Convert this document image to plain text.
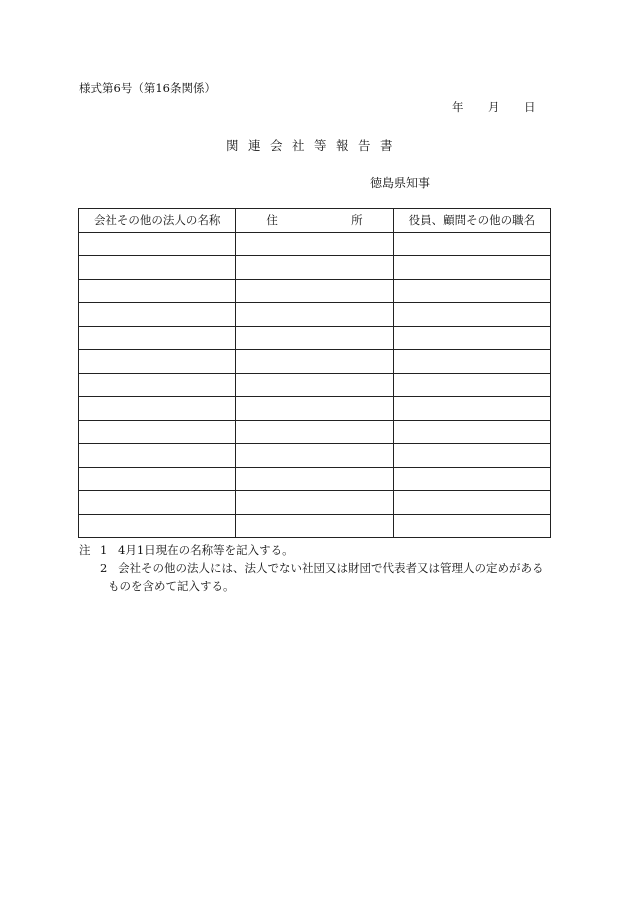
様式第6号（第16条関係）
年 月 日
関連会社等報告書
徳島県知事
会社その他の法人の名称	住所	役員、顧問その他の職名

注 1 4月1日現在の名称等を記入する。
2 会社その他の法人には、法人でない社団又は財団で代表者又は管理人の定めがある
ものを含めて記入する。
